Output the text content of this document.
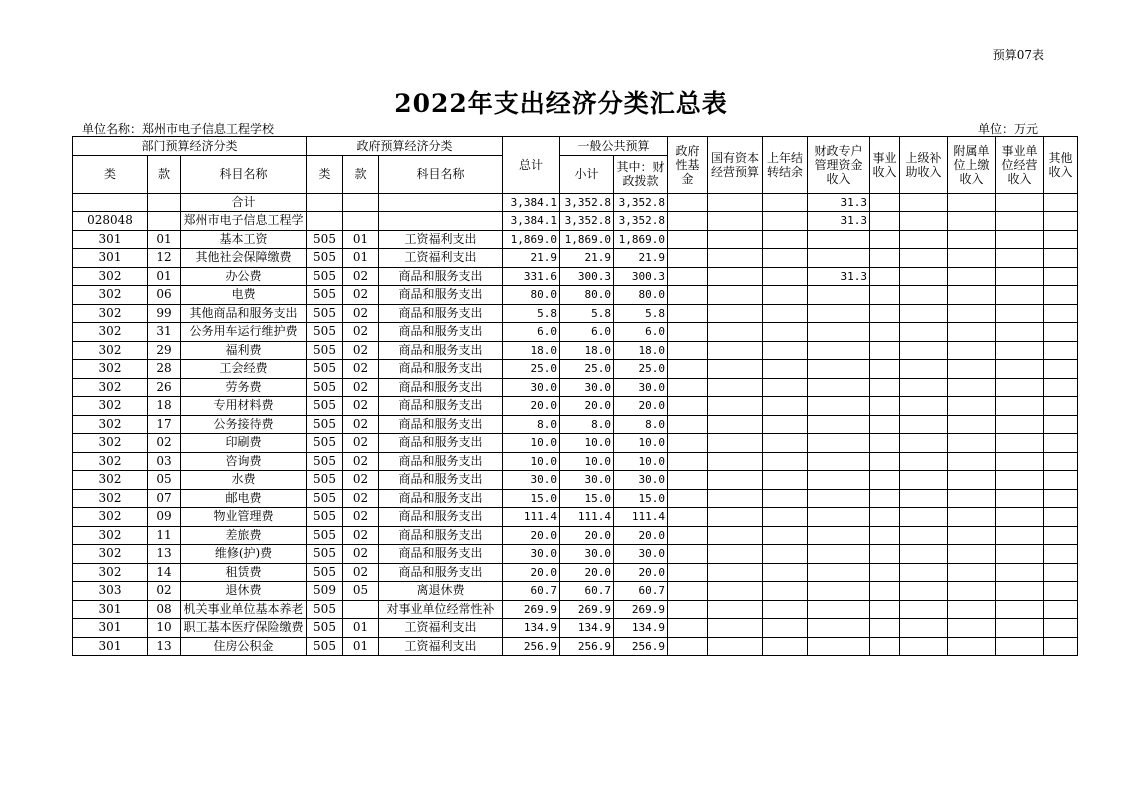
预算07表
2022年支出经济分类汇总表
单位名称：郑州市电子信息工程学校	单位：万元
部门预算经济分类			政府预算经济分类			总计	一般公共预算		政府性基金	国有资本经营预算	上年结转结余	财政专户管理资金收入	事业收入	上级补助收入	附属单位上缴收入	事业单位经营收入	其他收入
类	款	科目名称	类	款	科目名称		小计	其中：财政拨款									
		合计				3,384.1	3,352.8	3,352.8				31.3					
028048		郑州市电子信息工程学				3,384.1	3,352.8	3,352.8				31.3					
301	01	基本工资	505	01	工资福利支出	1,869.0	1,869.0	1,869.0									
301	12	其他社会保障缴费	505	01	工资福利支出	21.9	21.9	21.9									
302	01	办公费	505	02	商品和服务支出	331.6	300.3	300.3				31.3					
302	06	电费	505	02	商品和服务支出	80.0	80.0	80.0									
302	99	其他商品和服务支出	505	02	商品和服务支出	5.8	5.8	5.8									
302	31	公务用车运行维护费	505	02	商品和服务支出	6.0	6.0	6.0									
302	29	福利费	505	02	商品和服务支出	18.0	18.0	18.0									
302	28	工会经费	505	02	商品和服务支出	25.0	25.0	25.0									
302	26	劳务费	505	02	商品和服务支出	30.0	30.0	30.0									
302	18	专用材料费	505	02	商品和服务支出	20.0	20.0	20.0									
302	17	公务接待费	505	02	商品和服务支出	8.0	8.0	8.0									
302	02	印刷费	505	02	商品和服务支出	10.0	10.0	10.0									
302	03	咨询费	505	02	商品和服务支出	10.0	10.0	10.0									
302	05	水费	505	02	商品和服务支出	30.0	30.0	30.0									
302	07	邮电费	505	02	商品和服务支出	15.0	15.0	15.0									
302	09	物业管理费	505	02	商品和服务支出	111.4	111.4	111.4									
302	11	差旅费	505	02	商品和服务支出	20.0	20.0	20.0									
302	13	维修(护)费	505	02	商品和服务支出	30.0	30.0	30.0									
302	14	租赁费	505	02	商品和服务支出	20.0	20.0	20.0									
303	02	退休费	509	05	离退休费	60.7	60.7	60.7									
301	08	机关事业单位基本养老	505		对事业单位经常性补	269.9	269.9	269.9									
301	10	职工基本医疗保险缴费	505	01	工资福利支出	134.9	134.9	134.9									
301	13	住房公积金	505	01	工资福利支出	256.9	256.9	256.9									
